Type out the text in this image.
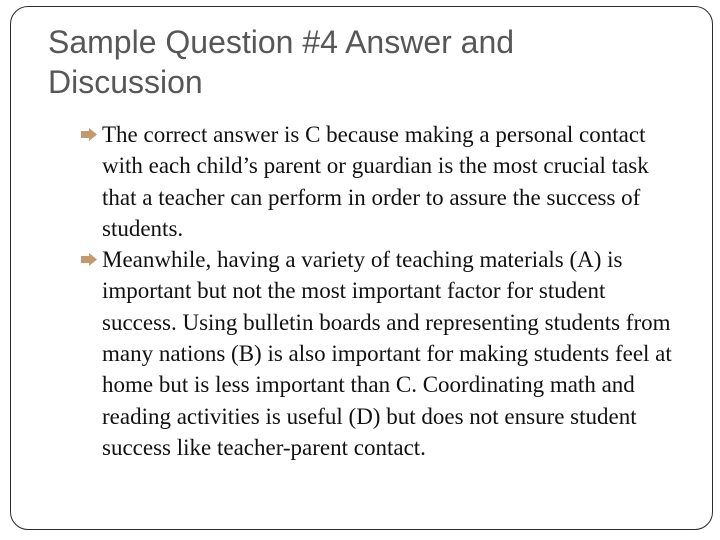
Sample Question #4 Answer and
Discussion
The correct answer is C because making a personal contact with each child’s parent or guardian is the most crucial task that a teacher can perform in order to assure the success of students.
Meanwhile, having a variety of teaching materials (A) is important but not the most important factor for student success. Using bulletin boards and representing students from many nations (B) is also important for making students feel at home but is less important than C. Coordinating math and reading activities is useful (D) but does not ensure student success like teacher-parent contact.
